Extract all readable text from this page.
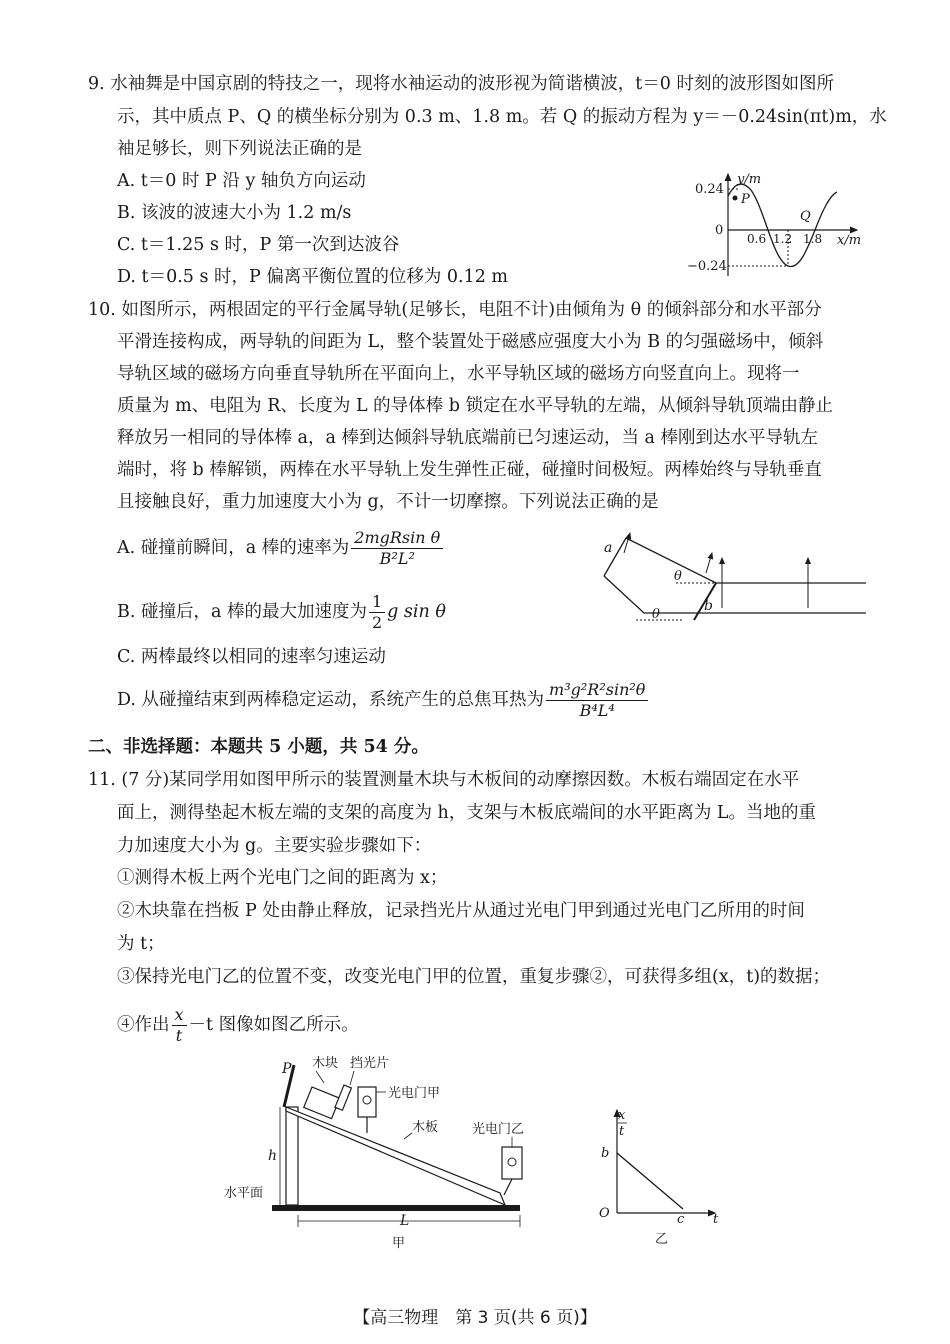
9. 水袖舞是中国京剧的特技之一，现将水袖运动的波形视为简谐横波，t＝0 时刻的波形图如图所
示，其中质点 P、Q 的横坐标分别为 0.3 m、1.8 m。若 Q 的振动方程为 y＝－0.24sin(πt)m，水
袖足够长，则下列说法正确的是
A. t＝0 时 P 沿 y 轴负方向运动
B. 该波的波速大小为 1.2 m/s
C. t＝1.25 s 时，P 第一次到达波谷
D. t＝0.5 s 时，P 偏离平衡位置的位移为 0.12 m
y/m
x/m
0.24
−0.24
0
P
Q
0.6 1.2 1.8
10. 如图所示，两根固定的平行金属导轨(足够长，电阻不计)由倾角为 θ 的倾斜部分和水平部分
平滑连接构成，两导轨的间距为 L，整个装置处于磁感应强度大小为 B 的匀强磁场中，倾斜
导轨区域的磁场方向垂直导轨所在平面向上，水平导轨区域的磁场方向竖直向上。现将一
质量为 m、电阻为 R、长度为 L 的导体棒 b 锁定在水平导轨的左端，从倾斜导轨顶端由静止
释放另一相同的导体棒 a，a 棒到达倾斜导轨底端前已匀速运动，当 a 棒刚到达水平导轨左
端时，将 b 棒解锁，两棒在水平导轨上发生弹性正碰，碰撞时间极短。两棒始终与导轨垂直
且接触良好，重力加速度大小为 g，不计一切摩擦。下列说法正确的是
A. 碰撞前瞬间，a 棒的速率为 $\frac{\text{2mgRsin θ}}{\text{B²L²}}$
B. 碰撞后，a 棒的最大加速度为 $\frac{1}{2}$ g sin θ
C. 两棒最终以相同的速率匀速运动
D. 从碰撞结束到两棒稳定运动，系统产生的总焦耳热为 $\frac{\text{m³g²R²sin²θ}}{\text{B⁴L⁴}}$
a
b
θ
θ
二、非选择题：本题共 5 小题，共 54 分。
11. (7 分)某同学用如图甲所示的装置测量木块与木板间的动摩擦因数。木板右端固定在水平
面上，测得垫起木板左端的支架的高度为 h，支架与木板底端间的水平距离为 L。当地的重
力加速度大小为 g。主要实验步骤如下：
①测得木板上两个光电门之间的距离为 x；
②木块靠在挡板 P 处由静止释放，记录挡光片从通过光电门甲到通过光电门乙所用的时间
为 t；
③保持光电门乙的位置不变，改变光电门甲的位置，重复步骤②，可获得多组(x，t)的数据；
④作出 $\frac{x}{t} -t$ 图像如图乙所示。
P 木块 挡光片
光电门甲
木板	光电门乙
h
水平面
L
甲
x
t
b
O	c t
乙
【高三物理　第 3 页(共 6 页)】
